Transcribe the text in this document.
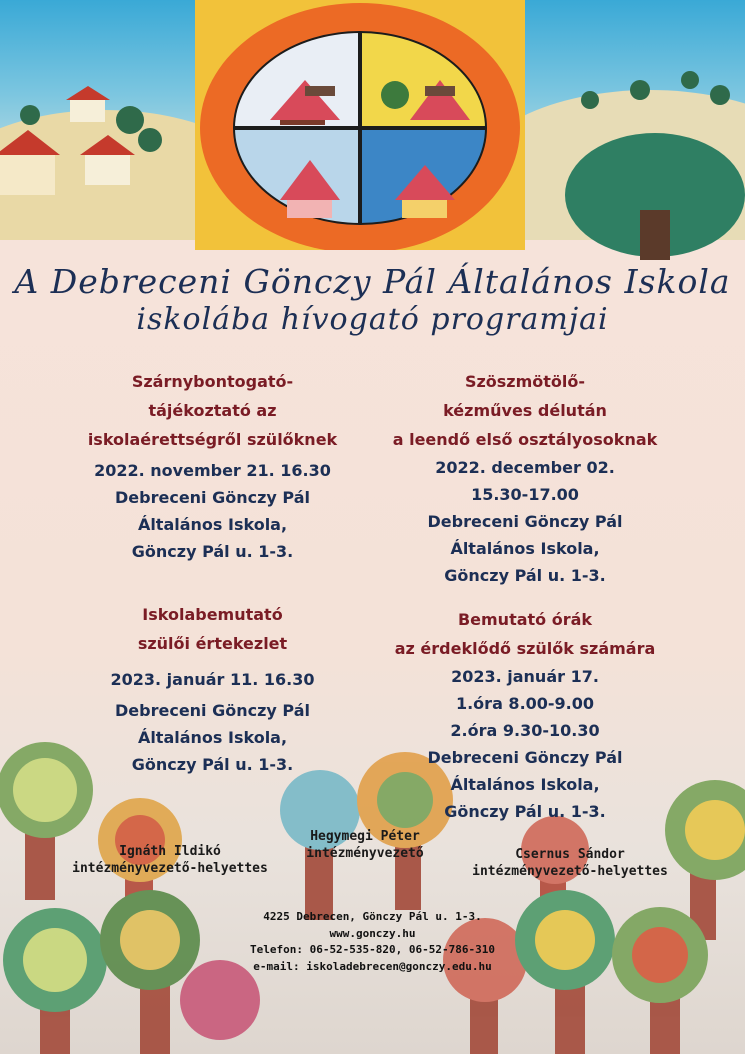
A Debreceni Gönczy Pál Általános Iskola
iskolába hívogató programjai
Szárnybontogató-
tájékoztató az
iskolaérettségről szülőknek
2022. november 21. 16.30
Debreceni Gönczy Pál
Általános Iskola,
Gönczy Pál u. 1-3.
Szöszmötölő-
kézműves délután
a leendő első osztályosoknak
2022. december 02.
15.30-17.00
Debreceni Gönczy Pál
Általános Iskola,
Gönczy Pál u. 1-3.
Iskolabemutató
szülői értekezlet
2023. január 11. 16.30
Debreceni Gönczy Pál
Általános Iskola,
Gönczy Pál u. 1-3.
Bemutató órák
az érdeklődő szülők számára
2023. január 17.
1.óra 8.00-9.00
2.óra 9.30-10.30
Debreceni Gönczy Pál
Általános Iskola,
Gönczy Pál u. 1-3.
Ignáth Ildikó
intézményvezető-helyettes
Hegymegi Péter
intézményvezető	Csernus Sándor
intézményvezető-helyettes
4225 Debrecen, Gönczy Pál u. 1-3.
www.gonczy.hu
Telefon: 06-52-535-820, 06-52-786-310
e-mail: iskoladebrecen@gonczy.edu.hu
